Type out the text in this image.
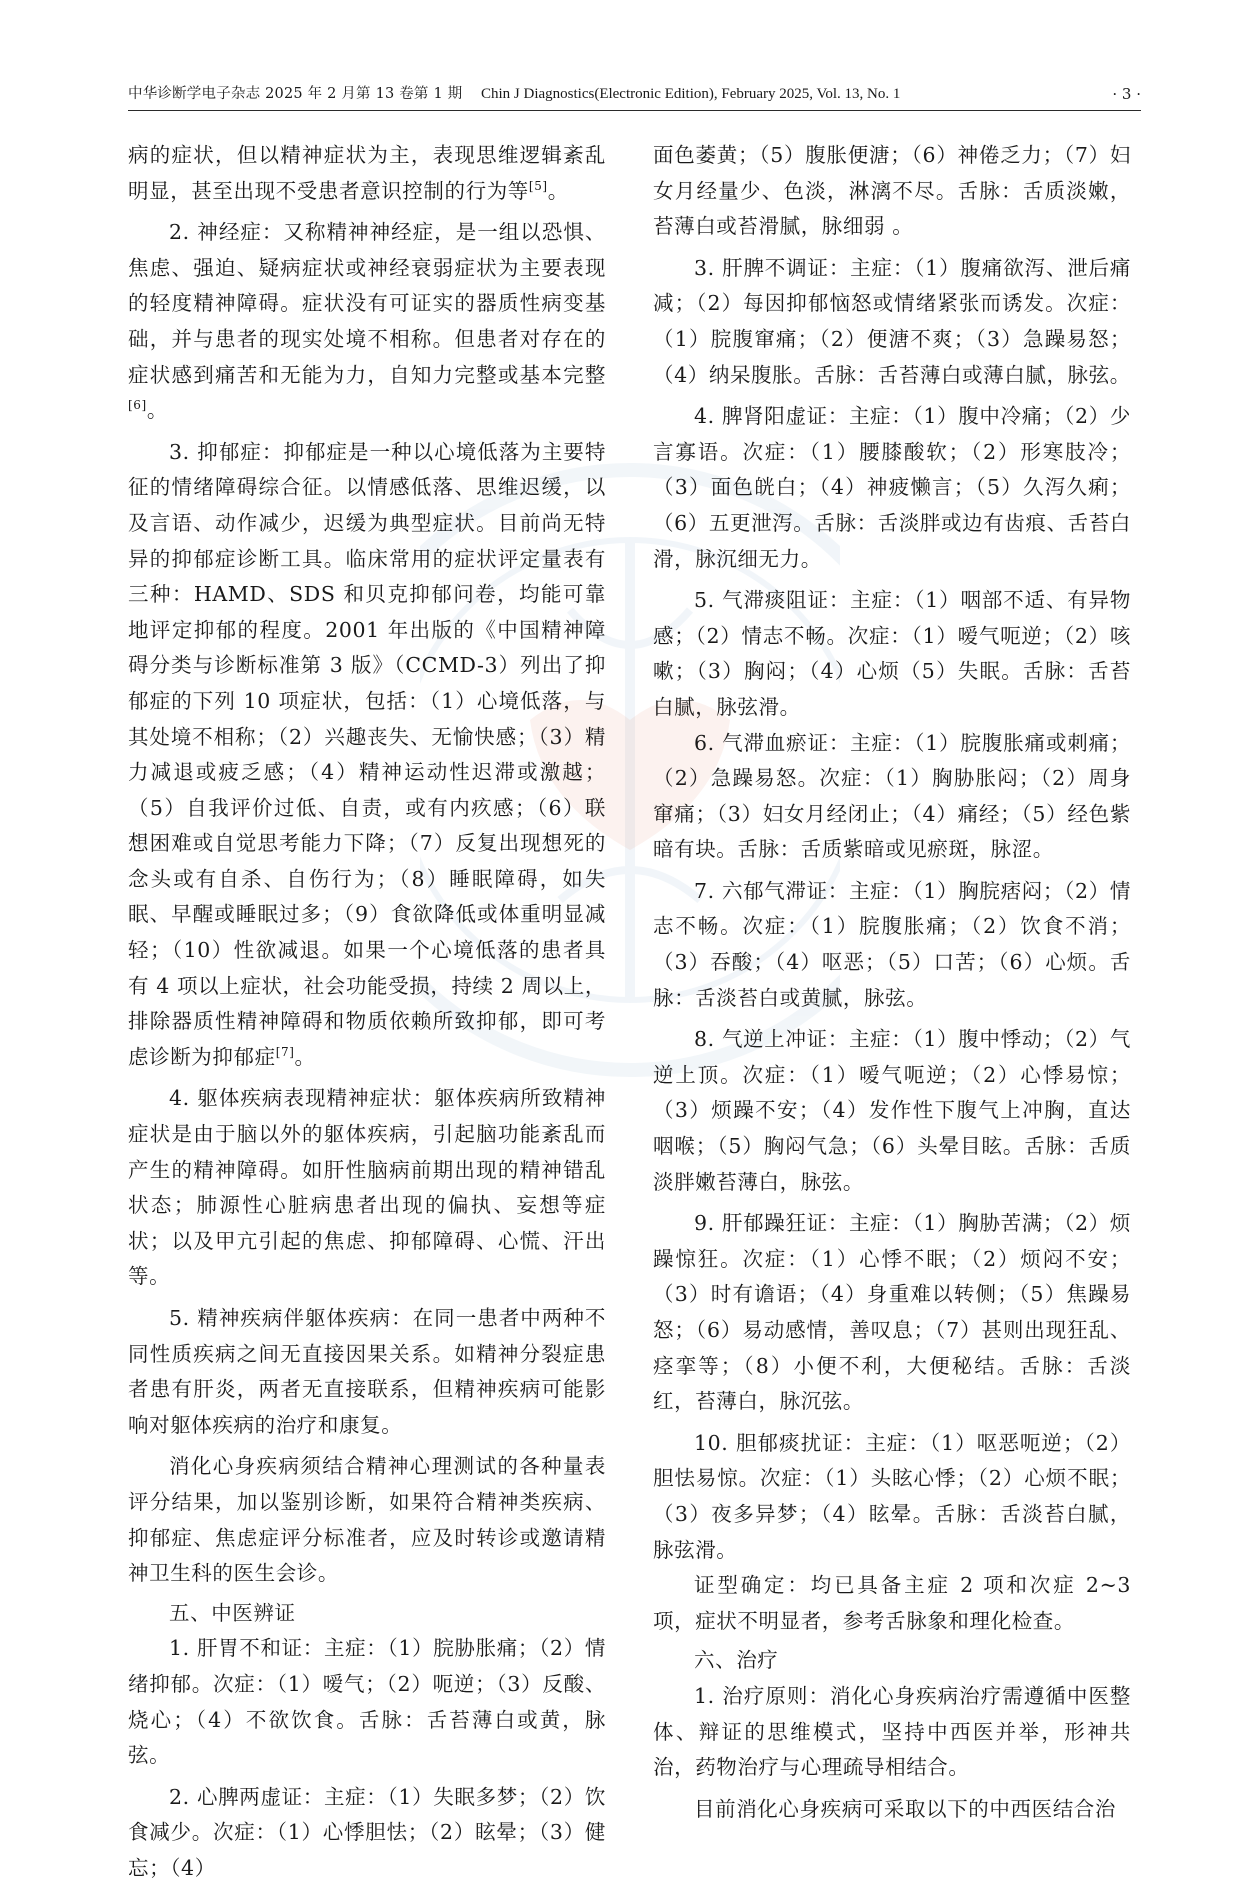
中华诊断学电子杂志 2025 年 2 月第 13 卷第 1 期 Chin J Diagnostics(Electronic Edition), February 2025, Vol. 13, No. 1	· 3 ·

病的症状，但以精神症状为主，表现思维逻辑紊乱明显，甚至出现不受患者意识控制的行为等[5]。

2. 神经症：又称精神神经症，是一组以恐惧、焦虑、强迫、疑病症状或神经衰弱症状为主要表现的轻度精神障碍。症状没有可证实的器质性病变基础，并与患者的现实处境不相称。但患者对存在的症状感到痛苦和无能为力，自知力完整或基本完整[6]。

3. 抑郁症：抑郁症是一种以心境低落为主要特征的情绪障碍综合征。以情感低落、思维迟缓，以及言语、动作减少，迟缓为典型症状。目前尚无特异的抑郁症诊断工具。临床常用的症状评定量表有三种：HAMD、SDS 和贝克抑郁问卷，均能可靠地评定抑郁的程度。2001 年出版的《中国精神障碍分类与诊断标准第 3 版》（CCMD-3）列出了抑郁症的下列 10 项症状，包括：（1）心境低落，与其处境不相称；（2）兴趣丧失、无愉快感；（3）精力减退或疲乏感；（4）精神运动性迟滞或激越；（5）自我评价过低、自责，或有内疚感；（6）联想困难或自觉思考能力下降；（7）反复出现想死的念头或有自杀、自伤行为；（8）睡眠障碍，如失眠、早醒或睡眠过多；（9）食欲降低或体重明显减轻；（10）性欲减退。如果一个心境低落的患者具有 4 项以上症状，社会功能受损，持续 2 周以上，排除器质性精神障碍和物质依赖所致抑郁，即可考虑诊断为抑郁症[7]。

4. 躯体疾病表现精神症状：躯体疾病所致精神症状是由于脑以外的躯体疾病，引起脑功能紊乱而产生的精神障碍。如肝性脑病前期出现的精神错乱状态；肺源性心脏病患者出现的偏执、妄想等症状；以及甲亢引起的焦虑、抑郁障碍、心慌、汗出等。

5. 精神疾病伴躯体疾病：在同一患者中两种不同性质疾病之间无直接因果关系。如精神分裂症患者患有肝炎，两者无直接联系，但精神疾病可能影响对躯体疾病的治疗和康复。

消化心身疾病须结合精神心理测试的各种量表评分结果，加以鉴别诊断，如果符合精神类疾病、抑郁症、焦虑症评分标准者，应及时转诊或邀请精神卫生科的医生会诊。

五、中医辨证

1. 肝胃不和证：主症：（1）脘胁胀痛；（2）情绪抑郁。次症：（1）嗳气；（2）呃逆；（3）反酸、烧心；（4）不欲饮食。舌脉：舌苔薄白或黄，脉弦。

2. 心脾两虚证：主症：（1）失眠多梦；（2）饮食减少。次症：（1）心悸胆怯；（2）眩晕；（3）健忘；（4）

面色萎黄；（5）腹胀便溏；（6）神倦乏力；（7）妇女月经量少、色淡，淋漓不尽。舌脉：舌质淡嫩，苔薄白或苔滑腻，脉细弱 。

3. 肝脾不调证：主症：（1）腹痛欲泻、泄后痛减；（2）每因抑郁恼怒或情绪紧张而诱发。次症：（1）脘腹窜痛；（2）便溏不爽；（3）急躁易怒；（4）纳呆腹胀。舌脉：舌苔薄白或薄白腻，脉弦。

4. 脾肾阳虚证：主症：（1）腹中冷痛；（2）少言寡语。次症：（1）腰膝酸软；（2）形寒肢冷；（3）面色㿠白；（4）神疲懒言；（5）久泻久痢；（6）五更泄泻。舌脉：舌淡胖或边有齿痕、舌苔白滑，脉沉细无力。

5. 气滞痰阻证：主症：（1）咽部不适、有异物感；（2）情志不畅。次症：（1）嗳气呃逆；（2）咳嗽；（3）胸闷；（4）心烦（5）失眠。舌脉：舌苔白腻，脉弦滑。

6. 气滞血瘀证：主症：（1）脘腹胀痛或刺痛；（2）急躁易怒。次症：（1）胸胁胀闷；（2）周身窜痛；（3）妇女月经闭止；（4）痛经；（5）经色紫暗有块。舌脉：舌质紫暗或见瘀斑，脉涩。

7. 六郁气滞证：主症：（1）胸脘痞闷；（2）情志不畅。次症：（1）脘腹胀痛；（2）饮食不消；（3）吞酸；（4）呕恶；（5）口苦；（6）心烦。舌脉：舌淡苔白或黄腻，脉弦。

8. 气逆上冲证：主症：（1）腹中悸动；（2）气逆上顶。次症：（1）嗳气呃逆；（2）心悸易惊；（3）烦躁不安；（4）发作性下腹气上冲胸，直达咽喉；（5）胸闷气急；（6）头晕目眩。舌脉：舌质淡胖嫩苔薄白，脉弦。

9. 肝郁躁狂证：主症：（1）胸胁苦满；（2）烦躁惊狂。次症：（1）心悸不眠；（2）烦闷不安；（3）时有谵语；（4）身重难以转侧；（5）焦躁易怒；（6）易动感情，善叹息；（7）甚则出现狂乱、痉挛等；（8）小便不利，大便秘结。舌脉：舌淡红，苔薄白，脉沉弦。

10. 胆郁痰扰证：主症：（1）呕恶呃逆；（2）胆怯易惊。次症：（1）头眩心悸；（2）心烦不眠；（3）夜多异梦；（4）眩晕。舌脉：舌淡苔白腻，脉弦滑。

证型确定：均已具备主症 2 项和次症 2~3 项，症状不明显者，参考舌脉象和理化检查。

六、治疗

1. 治疗原则：消化心身疾病治疗需遵循中医整体、辩证的思维模式，坚持中西医并举，形神共治，药物治疗与心理疏导相结合。

目前消化心身疾病可采取以下的中西医结合治
